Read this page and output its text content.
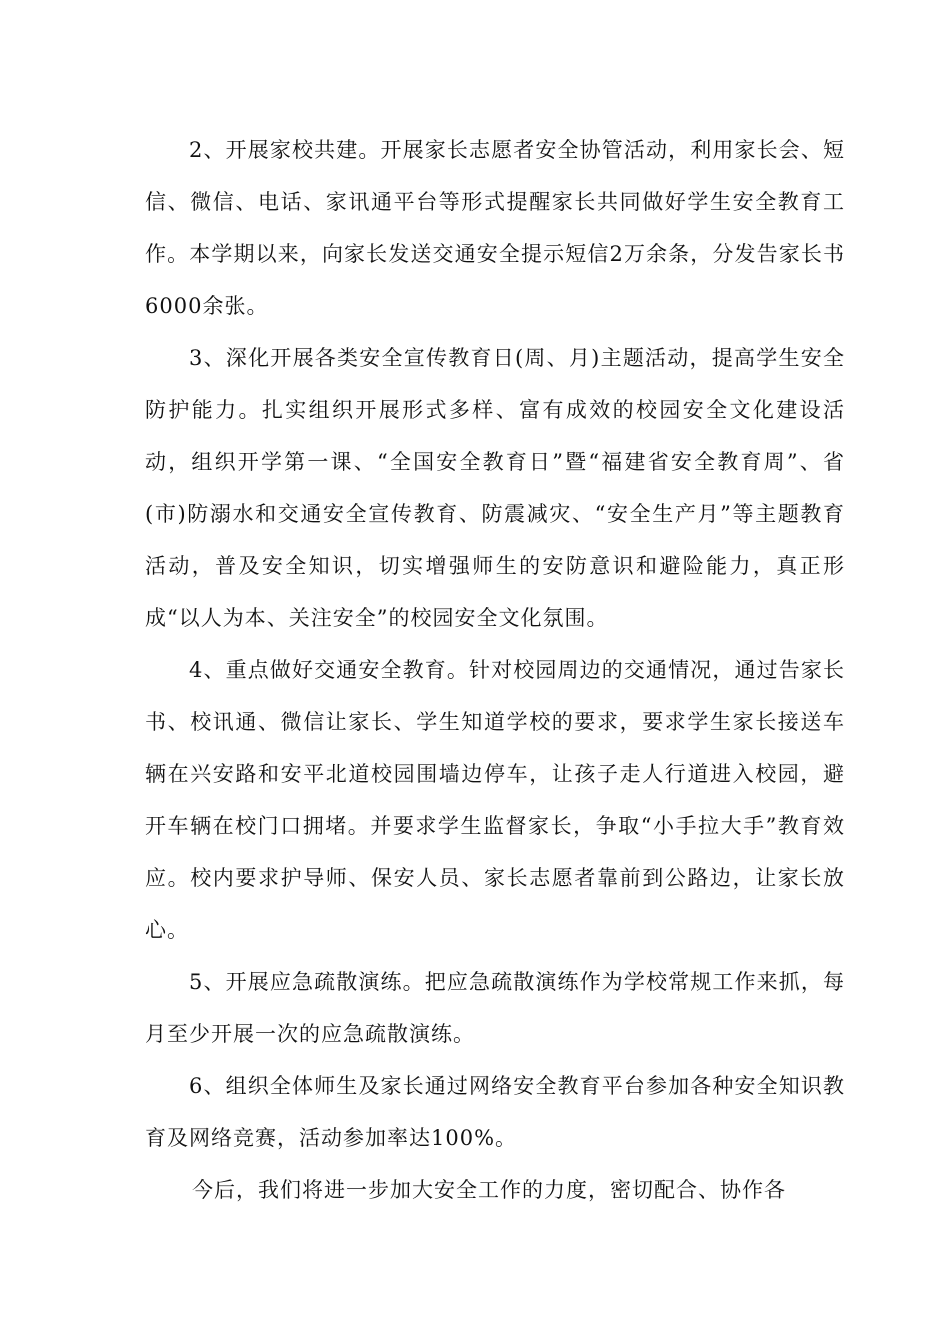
2、开展家校共建。开展家长志愿者安全协管活动，利用家长会、短信、微信、电话、家讯通平台等形式提醒家长共同做好学生安全教育工作。本学期以来，向家长发送交通安全提示短信2万余条，分发告家长书6000余张。

3、深化开展各类安全宣传教育日(周、月)主题活动，提高学生安全防护能力。扎实组织开展形式多样、富有成效的校园安全文化建设活动，组织开学第一课、“全国安全教育日”暨“福建省安全教育周”、省(市)防溺水和交通安全宣传教育、防震减灾、“安全生产月”等主题教育活动，普及安全知识，切实增强师生的安防意识和避险能力，真正形成“以人为本、关注安全”的校园安全文化氛围。

4、重点做好交通安全教育。针对校园周边的交通情况，通过告家长书、校讯通、微信让家长、学生知道学校的要求，要求学生家长接送车辆在兴安路和安平北道校园围墙边停车，让孩子走人行道进入校园，避开车辆在校门口拥堵。并要求学生监督家长，争取“小手拉大手”教育效应。校内要求护导师、保安人员、家长志愿者靠前到公路边，让家长放心。

5、开展应急疏散演练。把应急疏散演练作为学校常规工作来抓，每月至少开展一次的应急疏散演练。

6、组织全体师生及家长通过网络安全教育平台参加各种安全知识教育及网络竞赛，活动参加率达100%。

今后，我们将进一步加大安全工作的力度，密切配合、协作各
